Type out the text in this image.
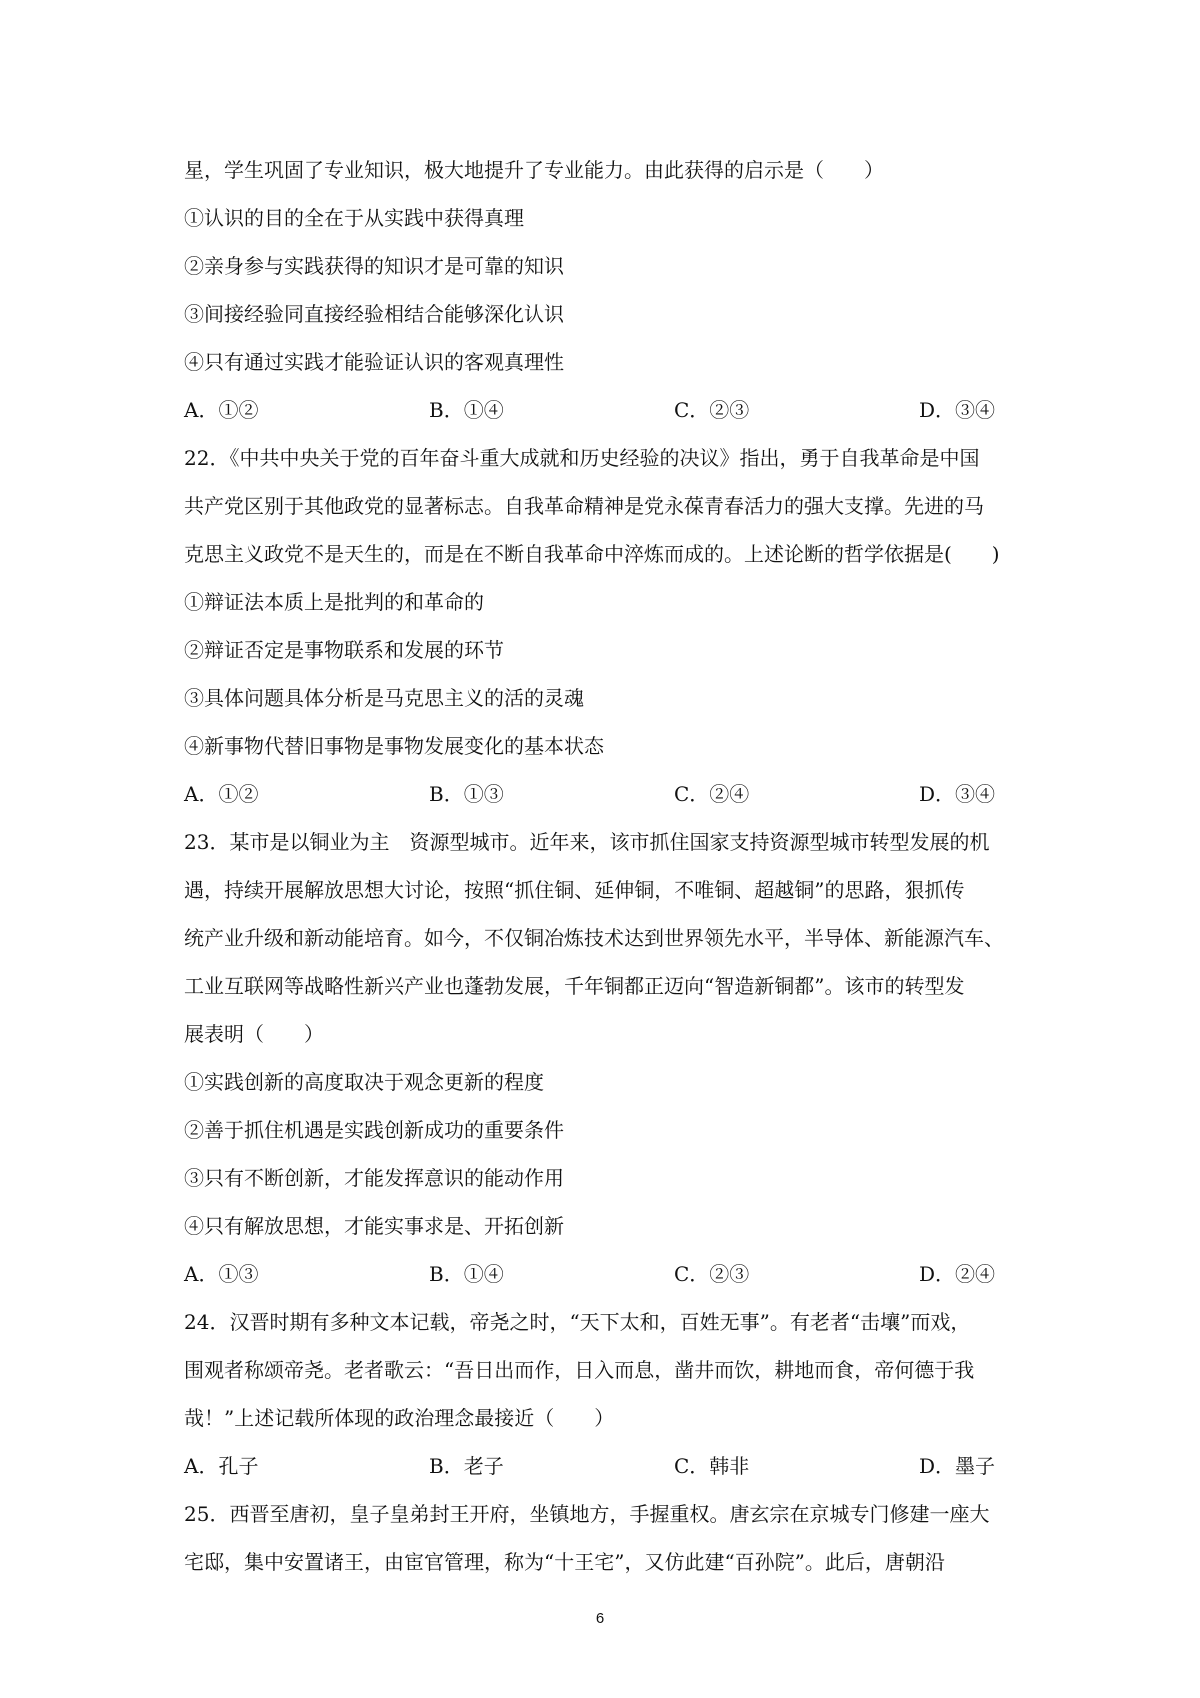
星，学生巩固了专业知识，极大地提升了专业能力。由此获得的启示是（　　）
①认识的目的全在于从实践中获得真理
②亲身参与实践获得的知识才是可靠的知识
③间接经验同直接经验相结合能够深化认识
④只有通过实践才能验证认识的客观真理性
A．①②	B．①④	C．②③	D．③④
22．《中共中央关于党的百年奋斗重大成就和历史经验的决议》指出，勇于自我革命是中国
共产党区别于其他政党的显著标志。自我革命精神是党永葆青春活力的强大支撑。先进的马
克思主义政党不是天生的，而是在不断自我革命中淬炼而成的。上述论断的哲学依据是(　　)
①辩证法本质上是批判的和革命的
②辩证否定是事物联系和发展的环节
③具体问题具体分析是马克思主义的活的灵魂
④新事物代替旧事物是事物发展变化的基本状态
A．①②	B．①③	C．②④	D．③④
23．某市是以铜业为主　资源型城市。近年来，该市抓住国家支持资源型城市转型发展的机
遇，持续开展解放思想大讨论，按照“抓住铜、延伸铜，不唯铜、超越铜”的思路，狠抓传
统产业升级和新动能培育。如今，不仅铜冶炼技术达到世界领先水平，半导体、新能源汽车、
工业互联网等战略性新兴产业也蓬勃发展，千年铜都正迈向“智造新铜都”。该市的转型发
展表明（　　）
①实践创新的高度取决于观念更新的程度
②善于抓住机遇是实践创新成功的重要条件
③只有不断创新，才能发挥意识的能动作用
④只有解放思想，才能实事求是、开拓创新
A．①③	B．①④	C．②③	D．②④
24．汉晋时期有多种文本记载，帝尧之时，“天下太和，百姓无事”。有老者“击壤”而戏，
围观者称颂帝尧。老者歌云：“吾日出而作，日入而息，凿井而饮，耕地而食，帝何德于我
哉！”上述记载所体现的政治理念最接近（　　）
A．孔子	B．老子	C．韩非	D．墨子
25．西晋至唐初，皇子皇弟封王开府，坐镇地方，手握重权。唐玄宗在京城专门修建一座大
宅邸，集中安置诸王，由宦官管理，称为“十王宅”，又仿此建“百孙院”。此后，唐朝沿
6
